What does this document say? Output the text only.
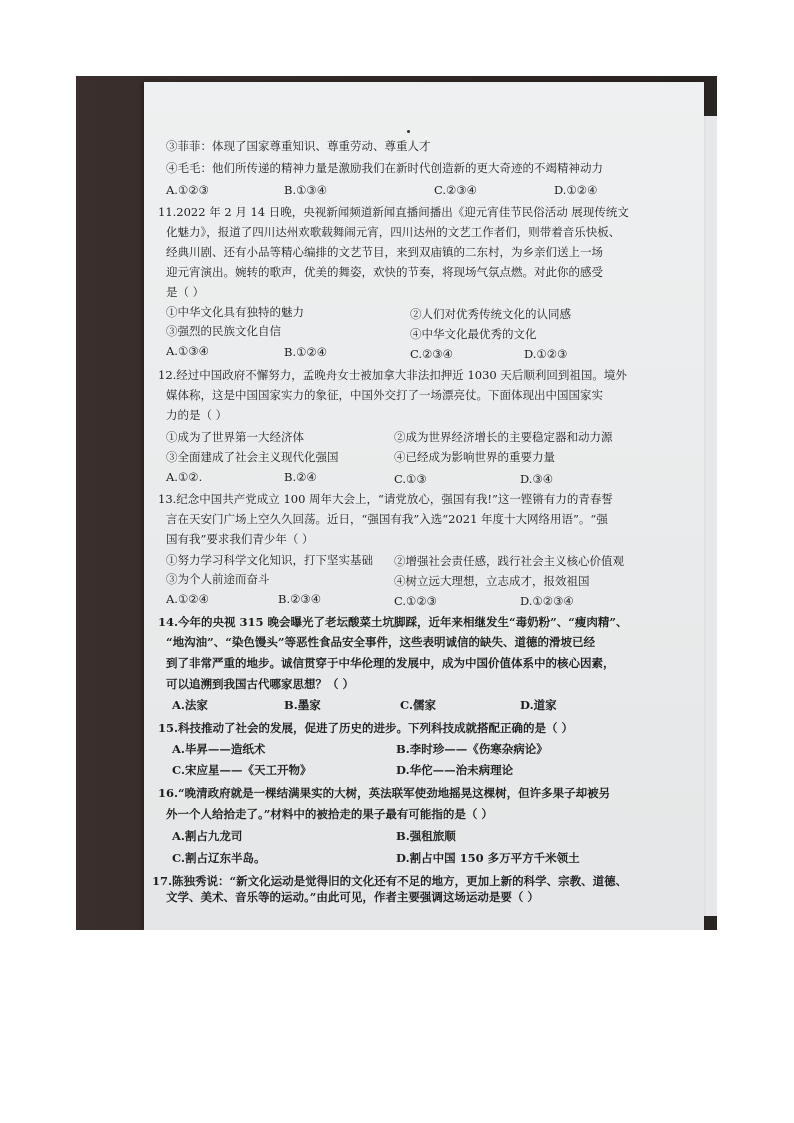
③菲菲：体现了国家尊重知识、尊重劳动、尊重人才
④毛毛：他们所传递的精神力量是激励我们在新时代创造新的更大奇迹的不竭精神动力
A.①②③	B.①③④	C.②③④	D.①②④
11.2022 年 2 月 14 日晚，央视新闻频道新闻直播间播出《迎元宵佳节民俗活动 展现传统文
化魅力》，报道了四川达州欢歌载舞闹元宵，四川达州的文艺工作者们，则带着音乐快板、
经典川剧、还有小品等精心编排的文艺节目，来到双庙镇的二东村，为乡亲们送上一场
迎元宵演出。婉转的歌声，优美的舞姿，欢快的节奏，将现场气氛点燃。对此你的感受
是（ ）
①中华文化具有独特的魅力	②人们对优秀传统文化的认同感
③强烈的民族文化自信	④中华文化最优秀的文化
A.①③④	B.①②④	C.②③④	D.①②③
12.经过中国政府不懈努力，孟晚舟女士被加拿大非法扣押近 1030 天后顺利回到祖国。境外
媒体称，这是中国国家实力的象征，中国外交打了一场漂亮仗。下面体现出中国国家实
力的是（ ）
①成为了世界第一大经济体	②成为世界经济增长的主要稳定器和动力源
③全面建成了社会主义现代化强国	④已经成为影响世界的重要力量
A.①②.	B.②④	C.①③	D.③④
13.纪念中国共产党成立 100 周年大会上，“请党放心，强国有我!”这一铿锵有力的青春誓
言在天安门广场上空久久回荡。近日，“强国有我”入选“2021 年度十大网络用语”。“强
国有我”要求我们青少年（ ）
①努力学习科学文化知识，打下坚实基础 ②增强社会责任感，践行社会主义核心价值观
③为个人前途而奋斗	④树立远大理想，立志成才，报效祖国
A.①②④	B.②③④	C.①②③	D.①②③④
14.今年的央视 315 晚会曝光了老坛酸菜土坑脚踩，近年来相继发生“毒奶粉”、“瘦肉精”、
“地沟油”、“染色馒头”等恶性食品安全事件，这些表明诚信的缺失、道德的滑坡已经
到了非常严重的地步。诚信贯穿于中华伦理的发展中，成为中国价值体系中的核心因素，
可以追溯到我国古代哪家思想？（ ）
A.法家	B.墨家	C.儒家	D.道家
15.科技推动了社会的发展，促进了历史的进步。下列科技成就搭配正确的是（ ）
A.毕昇——造纸术	B.李时珍——《伤寒杂病论》
C.宋应星——《天工开物》	D.华佗——治未病理论
16.“晚清政府就是一棵结满果实的大树，英法联军使劲地摇晃这棵树，但许多果子却被另
外一个人给拾走了。”材料中的被拾走的果子最有可能指的是（ ）
A.割占九龙司	B.强租旅顺
C.割占辽东半岛。	D.割占中国 150 多万平方千米领土
17.陈独秀说：“新文化运动是觉得旧的文化还有不足的地方，更加上新的科学、宗教、道德、
文学、美术、音乐等的运动。”由此可见，作者主要强调这场运动是要（ ）
